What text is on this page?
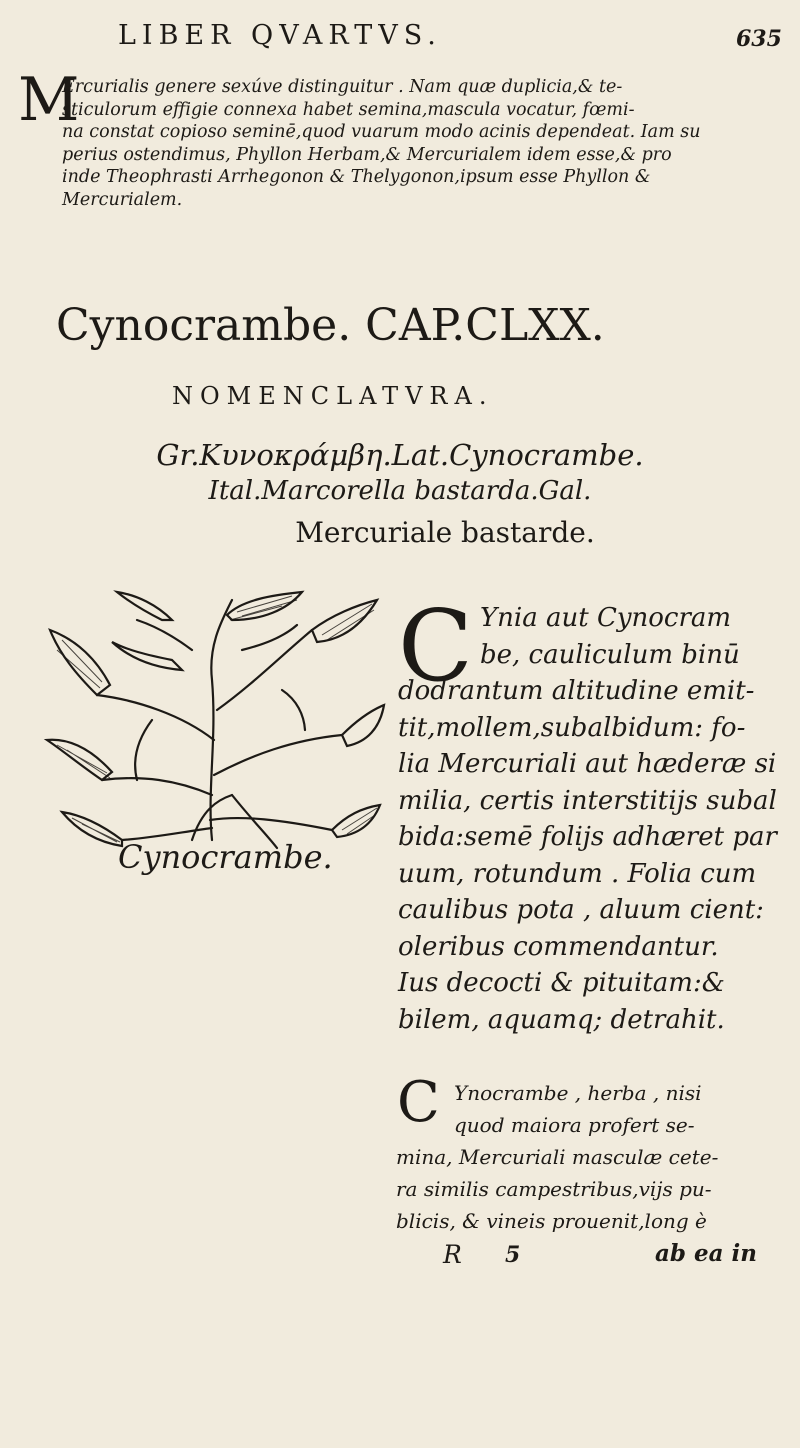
LIBER QVARTVS.	635
M
Ercurialis genere sexúve distinguitur . Nam quæ duplicia,& te-
sticulorum effigie connexa habet semina,mascula vocatur, fœmi-
na constat copioso seminē,quod vuarum modo acinis dependeat. Iam su
perius ostendimus, Phyllon Herbam,& Mercurialem idem esse,& pro
inde Theophrasti Arrhegonon & Thelygonon,ipsum esse Phyllon &
Mercurialem.
Cynocrambe. CAP.CLXX.
NOMENCLATVRA.
Gr.Κυνοκράμβη.Lat.Cynocrambe.
Ital.Marcorella bastarda.Gal.
Mercuriale bastarde.
Cynocrambe.
C Ynia aut Cynocram
be, cauliculum binū
dodrantum altitudine emit-
tit,mollem,subalbidum: fo-
lia Mercuriali aut hæderæ si
milia, certis interstitijs subal
bida:semē folijs adhæret par
uum, rotundum . Folia cum
caulibus pota , aluum cient:
oleribus commendantur.
Ius decocti & pituitam:&
bilem, aquamq; detrahit.
C Ynocrambe , herba , nisi
quod maiora profert se-
mina, Mercuriali masculæ cete-
ra similis campestribus,vijs pu-
blicis, & vineis prouenit,long è
R 5	ab ea in
